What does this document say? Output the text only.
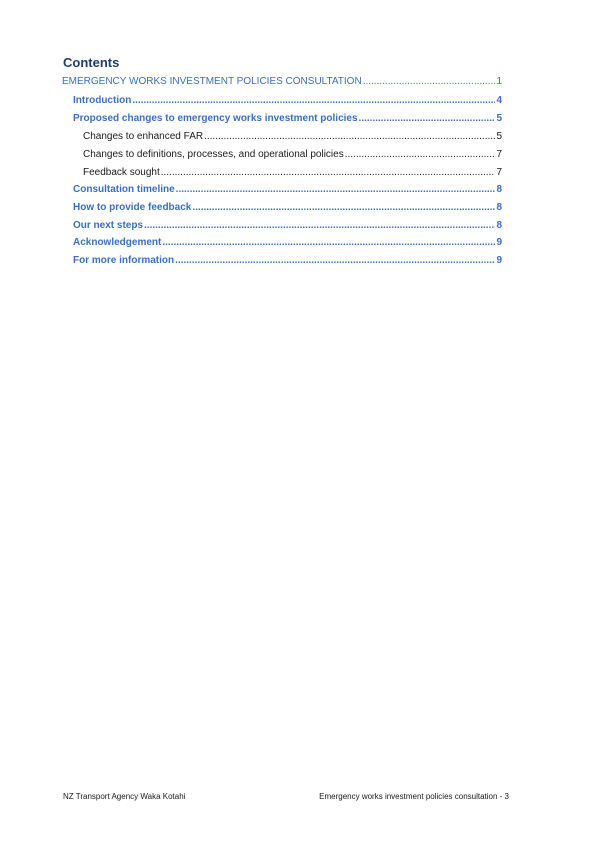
Contents
EMERGENCY WORKS INVESTMENT POLICIES CONSULTATION .....	1
Introduction .....	4
Proposed changes to emergency works investment policies .....	5
Changes to enhanced FAR .....	5
Changes to definitions, processes, and operational policies .....	7
Feedback sought .....	7
Consultation timeline .....	8
How to provide feedback .....	8
Our next steps .....	8
Acknowledgement .....	9
For more information .....	9
NZ Transport Agency Waka Kotahi	Emergency works investment policies consultation - 3
